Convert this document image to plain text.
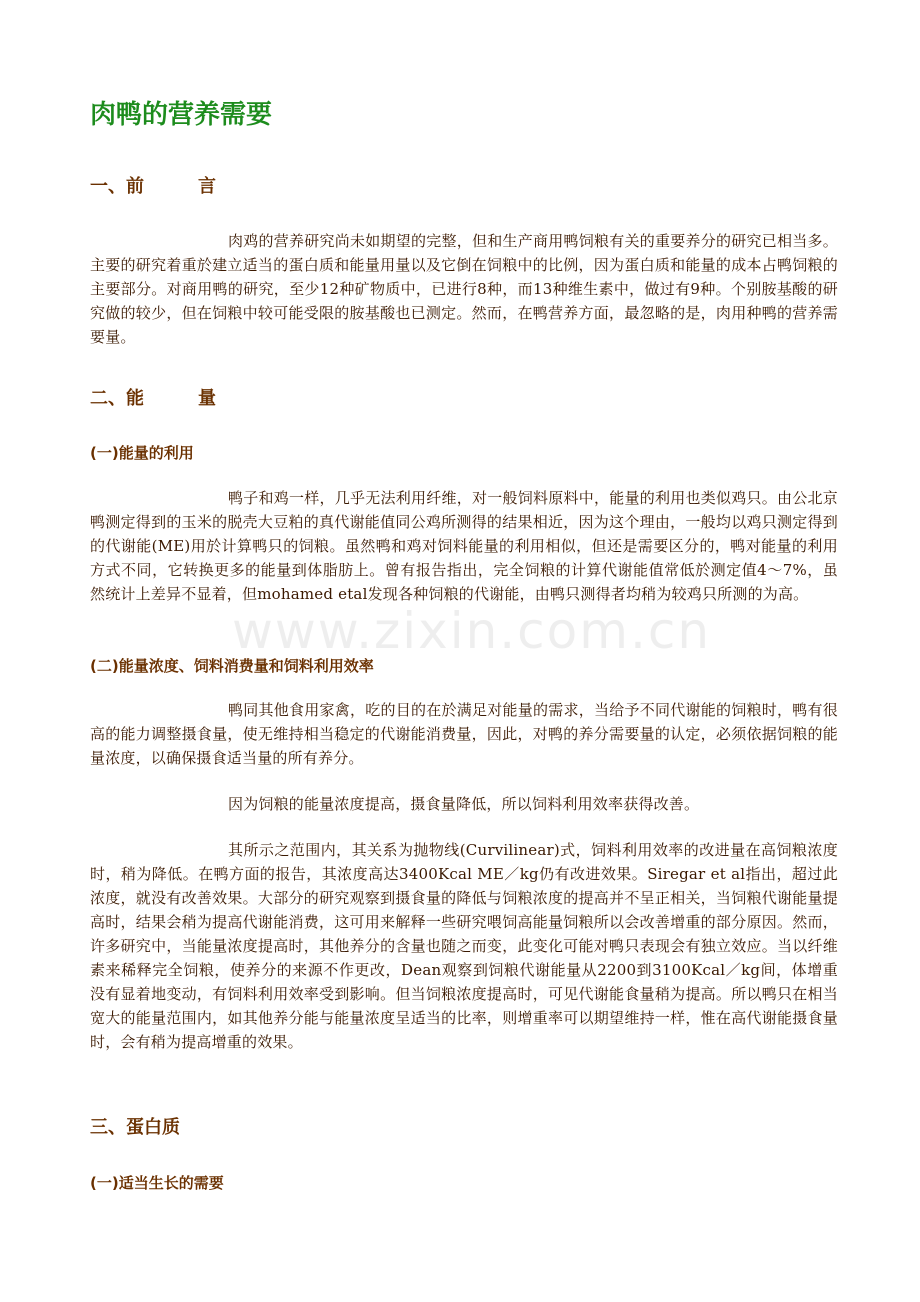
肉鸭的营养需要
一、前　　　言

肉鸡的营养研究尚未如期望的完整，但和生产商用鸭饲粮有关的重要养分的研究已相当多。主要的研究着重於建立适当的蛋白质和能量用量以及它倒在饲粮中的比例，因为蛋白质和能量的成本占鸭饲粮的主要部分。对商用鸭的研究，至少12种矿物质中，已进行8种，而13种维生素中，做过有9种。个别胺基酸的研究做的较少，但在饲粮中较可能受限的胺基酸也已测定。然而，在鸭营养方面，最忽略的是，肉用种鸭的营养需要量。

二、能　　　量
(一)能量的利用

鸭子和鸡一样，几乎无法利用纤维，对一般饲料原料中，能量的利用也类似鸡只。由公北京鸭测定得到的玉米的脱壳大豆粕的真代谢能值同公鸡所测得的结果相近，因为这个理由，一般均以鸡只测定得到的代谢能(ME)用於计算鸭只的饲粮。虽然鸭和鸡对饲料能量的利用相似，但还是需要区分的，鸭对能量的利用方式不同，它转换更多的能量到体脂肪上。曾有报告指出，完全饲粮的计算代谢能值常低於测定值4～7%，虽然统计上差异不显着，但mohamed etal发现各种饲粮的代谢能，由鸭只测得者均稍为较鸡只所测的为高。

(二)能量浓度、饲料消费量和饲料利用效率

鸭同其他食用家禽，吃的目的在於满足对能量的需求，当给予不同代谢能的饲粮时，鸭有很高的能力调整摄食量，使无维持相当稳定的代谢能消费量，因此，对鸭的养分需要量的认定，必须依据饲粮的能量浓度，以确保摄食适当量的所有养分。

因为饲粮的能量浓度提高，摄食量降低，所以饲料利用效率获得改善。

其所示之范围内，其关系为抛物线(Curvilinear)式，饲料利用效率的改进量在高饲粮浓度时，稍为降低。在鸭方面的报告，其浓度高达3400Kcal ME／kg仍有改进效果。Siregar et al指出，超过此浓度，就没有改善效果。大部分的研究观察到摄食量的降低与饲粮浓度的提高并不呈正相关，当饲粮代谢能量提高时，结果会稍为提高代谢能消费，这可用来解释一些研究喂饲高能量饲粮所以会改善增重的部分原因。然而，许多研究中，当能量浓度提高时，其他养分的含量也随之而变，此变化可能对鸭只表现会有独立效应。当以纤维素来稀释完全饲粮，使养分的来源不作更改，Dean观察到饲粮代谢能量从2200到3100Kcal／kg间，体增重没有显着地变动，有饲料利用效率受到影响。但当饲粮浓度提高时，可见代谢能食量稍为提高。所以鸭只在相当宽大的能量范围内，如其他养分能与能量浓度呈适当的比率，则增重率可以期望维持一样，惟在高代谢能摄食量时，会有稍为提高增重的效果。

三、蛋白质
(一)适当生长的需要
www.zixin.com.cn
